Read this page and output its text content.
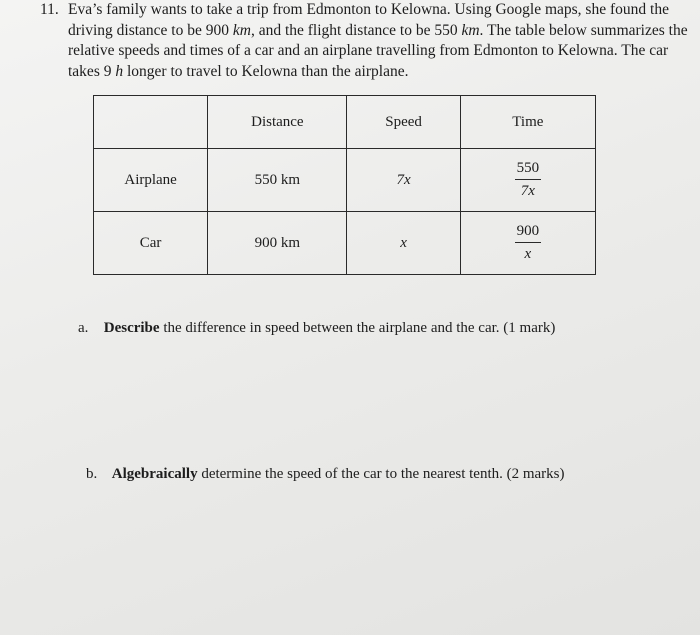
11. Eva’s family wants to take a trip from Edmonton to Kelowna. Using Google maps, she found the driving distance to be 900 km, and the flight distance to be 550 km. The table below summarizes the relative speeds and times of a car and an airplane travelling from Edmonton to Kelowna. The car takes 9 h longer to travel to Kelowna than the airplane.
	Distance	Speed	Time
Airplane	550 km	7x	$\frac{550}{7x}$

Car	900 km	x	$\frac{900}{x}$
a. Describe the difference in speed between the airplane and the car. (1 mark)
b. Algebraically determine the speed of the car to the nearest tenth. (2 marks)
